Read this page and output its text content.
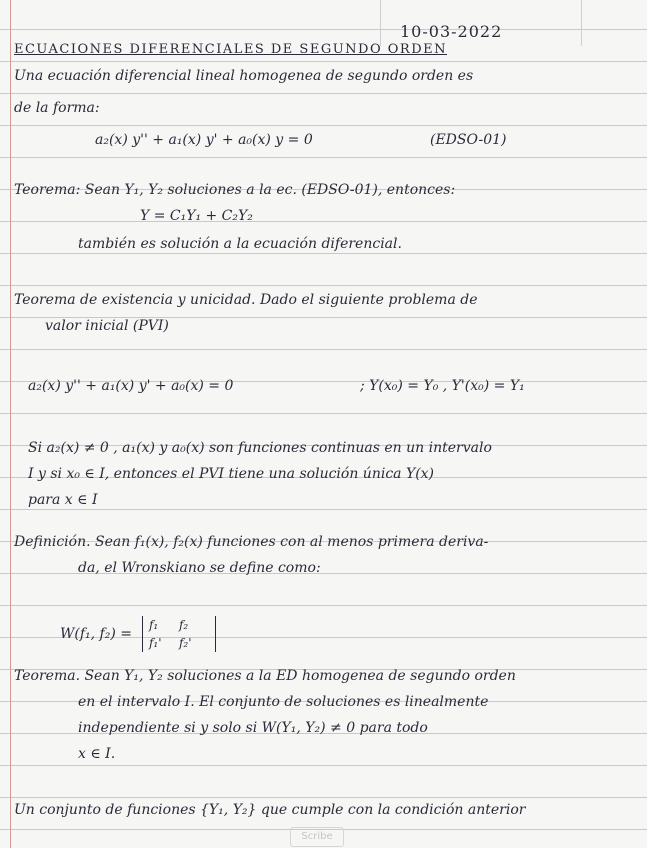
10-03-2022
ECUACIONES DIFERENCIALES DE SEGUNDO ORDEN
Una ecuación diferencial lineal homogenea de segundo orden es
de la forma:
a₂(x) y'' + a₁(x) y' + a₀(x) y = 0	(EDSO-01)
Teorema: Sean Y₁, Y₂ soluciones a la ec. (EDSO-01), entonces:
Y = C₁Y₁ + C₂Y₂
también es solución a la ecuación diferencial.
Teorema de existencia y unicidad. Dado el siguiente problema de
valor inicial (PVI)
a₂(x) y'' + a₁(x) y' + a₀(x) = 0	; Y(x₀) = Y₀ , Y'(x₀) = Y₁
Si a₂(x) ≠ 0 , a₁(x) y a₀(x) son funciones continuas en un intervalo
I y si x₀ ∈ I, entonces el PVI tiene una solución única Y(x)
para x ∈ I
Definición. Sean f₁(x), f₂(x) funciones con al menos primera deriva-
da, el Wronskiano se define como:
W(f₁, f₂) =
f₁	f₂
f₁'	f₂'
Teorema. Sean Y₁, Y₂ soluciones a la ED homogenea de segundo orden
en el intervalo I. El conjunto de soluciones es linealmente
independiente si y solo si W(Y₁, Y₂) ≠ 0 para todo
x ∈ I.
Un conjunto de funciones {Y₁, Y₂} que cumple con la condición anterior
Scribe
